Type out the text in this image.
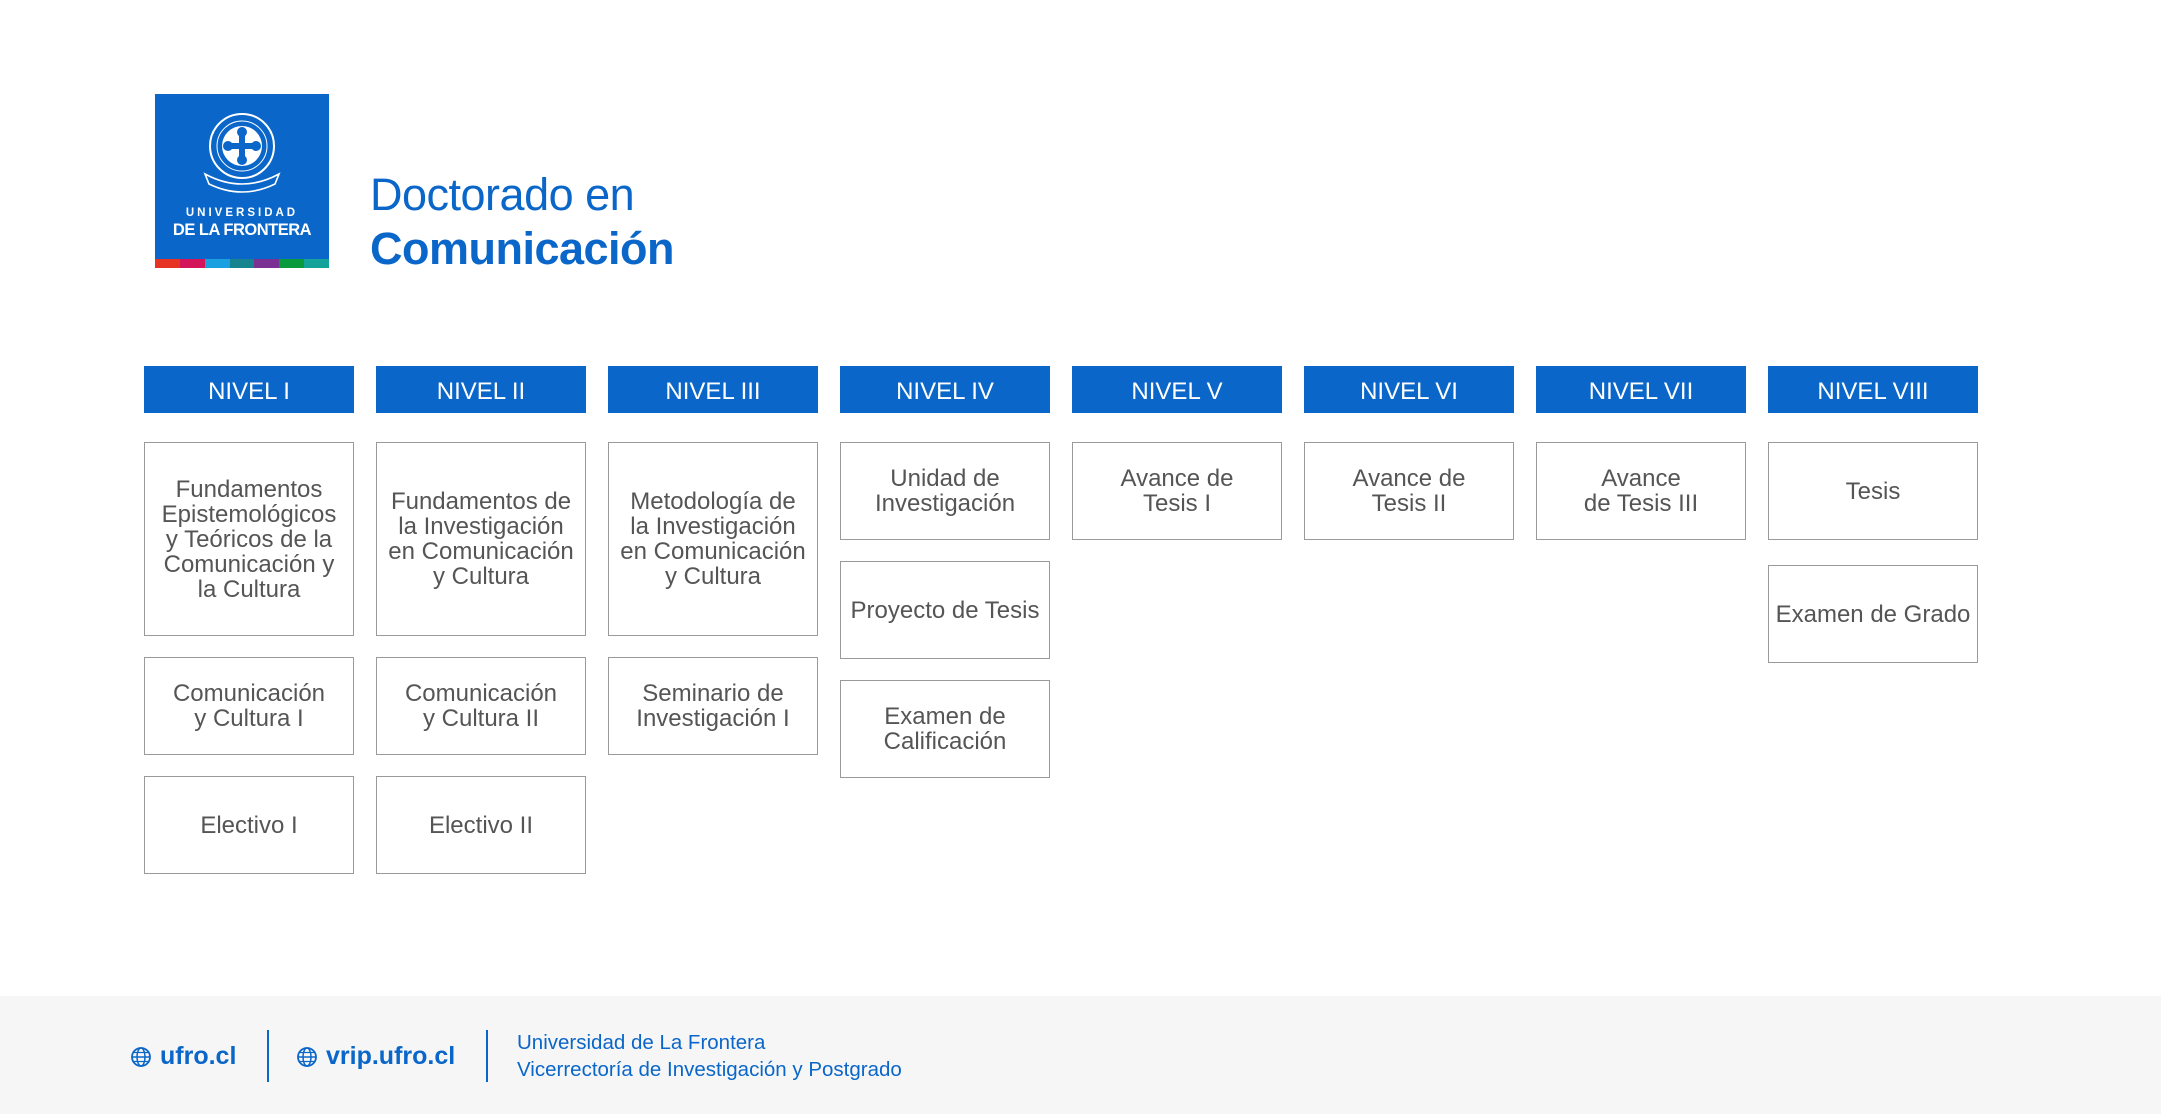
UNIVERSIDAD
DE LA FRONTERA
Doctorado en
Comunicación
NIVEL I
Fundamentos
Epistemológicos
y Teóricos de la
Comunicación y
la Cultura
Comunicación
y Cultura I
Electivo I
NIVEL II
Fundamentos de
la Investigación
en Comunicación
y Cultura
Comunicación
y Cultura II
Electivo II
NIVEL III
Metodología de
la Investigación
en Comunicación
y Cultura
Seminario de
Investigación I
NIVEL IV
Unidad de
Investigación
Proyecto de Tesis
Examen de
Calificación
NIVEL V
Avance de
Tesis I
NIVEL VI
Avance de
Tesis II
NIVEL VII
Avance
de Tesis III
NIVEL VIII
Tesis
Examen de Grado
ufro.cl	vrip.ufro.cl	Universidad de La Frontera
Vicerrectoría de Investigación y Postgrado
